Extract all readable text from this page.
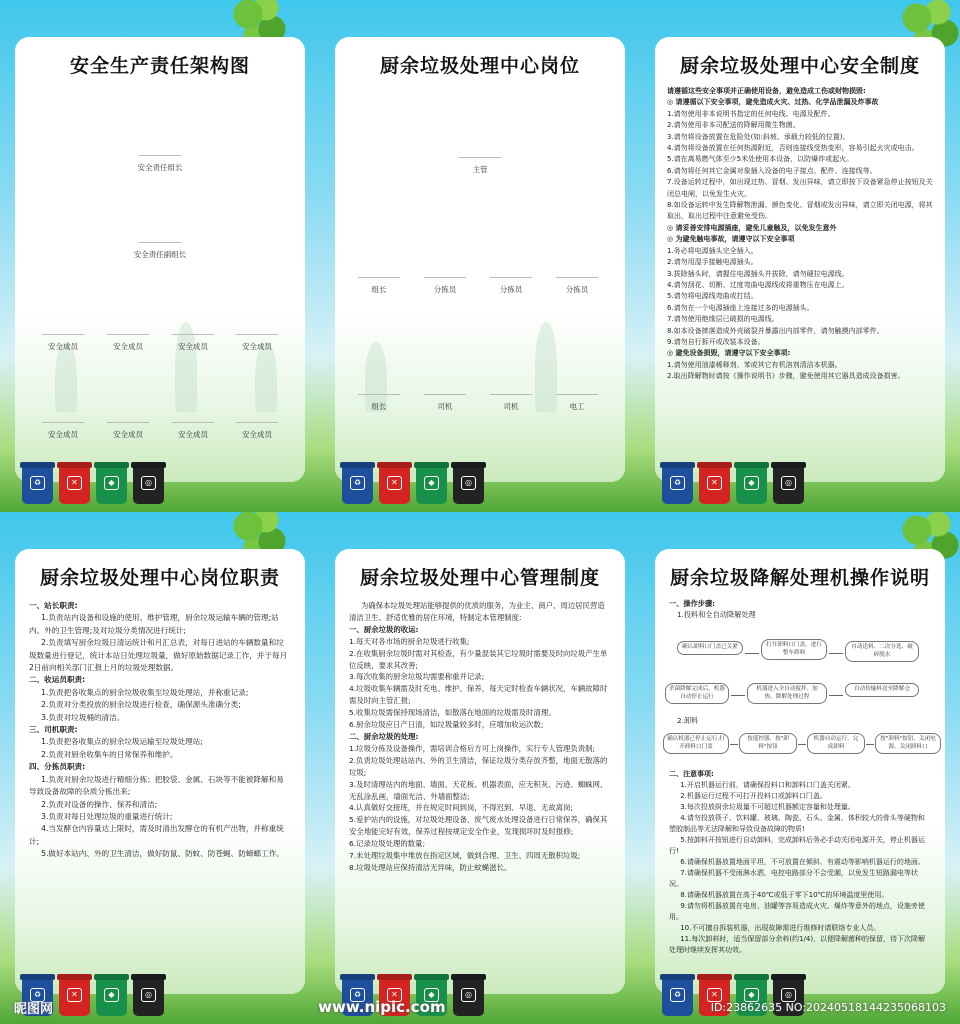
安全生产责任架构图
安全责任组长
安全责任副组长
安全成员	安全成员	安全成员	安全成员
安全成员	安全成员	安全成员	安全成员
♻	✕	◆	◎
厨余垃圾处理中心岗位
主管
组长	分拣员	分拣员	分拣员
组长	司机	司机	电工
♻	✕	◆	◎
厨余垃圾处理中心安全制度

请遵循这些安全事项并正确使用设备，避免造成工伤或财物损毁:

◎ 请遵循以下安全事项，避免造成火灾、过热、化学品泄漏及炸事故

1.请勿使用非本说明书指定的任何电线、电源及配件。

2.请勿使用非本司配送的降解用微生物菌。

3.请勿将设备放置在危险处(如:斜坡、承载力较低的位置)。

4.请勿将设备放置在任何热源附近，否则连接线受热变形，容易引起火灾或电击。

5.请在离易燃气体至少5米处使用本设备，以防爆炸或起火。

6.请勿将任何其它金属对象插入设备的电子接点、配件、连接线等。

7.设备运转过程中，如出现过热、冒烟、发出异味，请立即按下设备紧急停止按钮及关闭总电闸，以免发生火灾。

8.如设备运转中发生降解物泄漏、颜色变化、冒烟或发出异味，请立即关闭电源，将其取出，取出过程中注意避免受伤。

◎ 请妥善安排电源插座，避免儿童触及，以免发生意外

◎ 为避免触电事故，请遵守以下安全事项

1.务必将电源插头完全插入。

2.请勿用湿手接触电源插头。

3.拔除插头时，请握住电源插头并拔除，请勿硬拉电源线。

4.请勿刮花、切断、过度弯曲电源线或将重物压在电源上。

5.请勿将电源线弯曲或打结。

6.请勿在一个电源插座上连接过多的电源插头。

7.请勿使用绝缘层已破损的电源线。

8.如本设备摔落造成外壳破裂并暴露出内部零件，请勿触摸内部零件。

9.请勿自行拆开或改装本设备。

◎ 避免设备损毁，请遵守以下安全事项:

1.请勿使用油漆稀释剂、苯或其它有机溶剂清洁本机器。

2.取出降解物时请按《操作说明书》步骤，避免使用其它器具造成设备损害。

♻	✕	◆	◎
厨余垃圾处理中心岗位职责

一、站长职责:

1.负责站内设备和设施的使用、维护管理，厨余垃圾运输车辆的管理;站内、外的卫生管理;及对垃圾分类情况进行统计;

2.负责填写厨余垃圾日清运统计和月汇总表，对每日进站的车辆数量和垃圾数量进行登记，统计本站日处理垃圾量，做好原始数据记录工作，并于每月2日前向相关部门汇报上月的垃圾处理数据。

二、收运员职责:

1.负责把各收集点的厨余垃圾收集至垃圾处理站，并称重记录;

2.负责对分类投放的厨余垃圾进行检查，确保源头准确分类;

3.负责对垃圾桶的清洁。

三、司机职责:

1.负责把各收集点的厨余垃圾运输至垃圾处理站;

2.负责对厨余收集车的日常保养和维护。

四、分拣员职责:

1.负责对厨余垃圾进行精细分拣；把胶袋、金属、石块等不能被降解和易导致设备故障的杂质分拣出来;

2.负责对设备的操作、保养和清洁;

3.负责对每日处理垃圾的重量进行统计;

4.当发酵仓内容量达上限时，需及时清出发酵仓的有机产出物，并称重统计;

5.做好本站内、外的卫生清洁，做好防鼠、防蚊、防苍蝇、防蟑螂工作。

♻	✕	◆	◎
厨余垃圾处理中心管理制度

为确保本垃圾处理站能够提供的优质的服务，为业主、商户、周边居民营造清洁卫生、舒适优雅的居住环境，特制定本管理制度:

一、厨余垃圾的收运:

1.每天对各市场的厨余垃圾进行收集;

2.在收集厨余垃圾时需对其检查，有少量混装其它垃圾时需要及时向垃圾产生单位反映，要求其改善;

3.每次收集的厨余垃圾均需要称重并记录;

4.垃圾收集车辆需及时充电、维护、保养，每天定时检查车辆状况，车辆故障时需及时向主管汇报;

5.收集垃圾需保持现场清洁，如散落在地面的垃圾需及时清理。

6.厨余垃圾应日产日清，如垃圾量较多时，应增加收运次数;

二、厨余垃圾的处理:

1.垃圾分拣及设备操作，需培训合格后方可上岗操作，实行专人管理负责制;

2.负责垃圾处理站站内、外的卫生清洁，保证垃圾分类存放齐整，地面无散落的垃圾;

3.及时清理站内的地面、墙面、天花板、机器表面，应无积灰、污迹、蜘蛛网、无乱涂乱画，墙面光洁、外墙面整洁;

4.认真做好交接班，并在规定时间到岗，不得迟到、早退、无故离岗;

5.爱护站内的设施，对垃圾处理设备、废气废水处理设备进行日常保养，确保其安全地能完好有效，保养过程按规定安全作业，发现损坏时及时报修;

6.记录垃圾处理的数量;

7.未处理垃圾集中堆放在指定区域，做到合理、卫生、四周无散积垃圾;

8.垃圾处理站应保持清洁无异味，防止蚊蝇滋长。

♻	✕	◆	◎
厨余垃圾降解处理机操作说明

一、操作步骤:

1.投料和全自动降解处理

确认卸料口门盖已关紧	打开卸料口门盖，进行整车卸料
自动送料、二次分选、破碎脱水
自动传输料送至降解仓
机器进入全自动搅拌、加热、降解处理过程
杀菌降解完成后，机器自动停止运行

2.卸料

确认机器已停止运行,打开卸料口门盖
按遥控器、按"卸料"按钮
机器自动运行、完成卸料
按"卸料"按钮、关闭电源、关闭卸料口

二、注意事项:

1.开启机器运行前，请确保投料口和卸料口门盖关闭紧。

2.机器运行过程不可打开投料口或卸料口门盖。

3.每次投放厨余垃圾量不可超过机器额定容量和处理量。

4.请勿投放筷子、饮料罐、玻璃、陶瓷、石头、金属、体积较大的骨头等硬物和塑胶制品等无法降解和导致设备故障的物质!

5.按卸料开按钮进行自动卸料，完成卸料后务必手动关闭电源开关，停止机器运行!

6.请确保机器放置地面平坦，不可放置在倾斜、有震动等影响机器运行的地面。

7.请确保机器不受雨淋水洒，电控电路部分不会受潮，以免发生短路漏电等状况。

8.请确保机器放置在高于40℃或低于零下10℃的环境温度里使用。

9.请勿将机器放置在电房、油罐等容易造成火灾、爆炸等意外的地点，设施旁使用。

10.不可擅自拆装机器，出现故障需进行维修时请联络专业人员。

11.每次卸料时，适当保留部分余料(约1/4)，以便降解菌种的保留，待下次降解处理时继续发挥其功效。

♻	✕	◆	◎
昵图网	www.nipic.com	ID:23862635 NO:20240518144235068103
